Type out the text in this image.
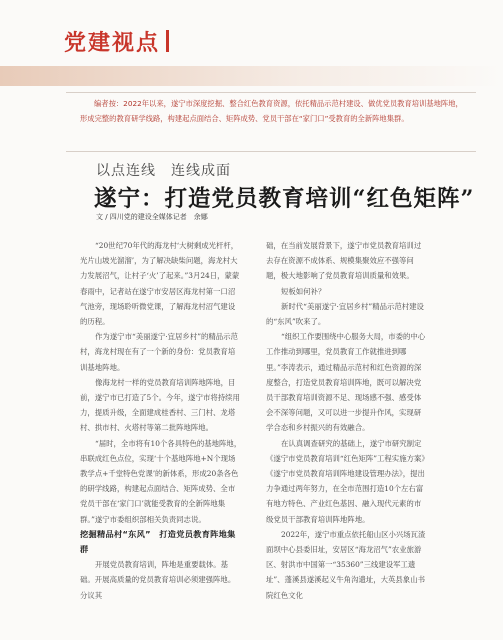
党建视点

编者按：2022年以来，遂宁市深度挖掘、整合红色教育资源，依托精品示范村建设、做优党员教育培训基地阵地，形成完整的教育研学线路，构建起点面结合、矩阵成势、党员干部在“家门口”受教育的全新阵地集群。

以点连线　连线成面
遂宁：打造党员教育培训“红色矩阵”
文 / 四川党的建设全媒体记者　余娜

“20世纪70年代的海龙村‘大树剩成光杆杆，光片山坡光溜溜’，为了解决缺柴问题，海龙村大力发展沼气，让村子‘火’了起来。”3月24日，蒙蒙春雨中，记者站在遂宁市安居区海龙村第一口沼气池旁，现场聆听微党课，了解海龙村沼气建设的历程。

作为遂宁市“美丽遂宁·宜居乡村”的精品示范村，海龙村现在有了一个新的身份：党员教育培训基地阵地。

像海龙村一样的党员教育培训阵地阵地，目前，遂宁市已打造了5个。今年，遂宁市将持续用力，提质升级，全面建成桂香村、三门村、龙塔村、拱市村、火塔村等第二批阵地阵地。

“届时，全市将有10个各具特色的基地阵地，串联成红色点位，实现‘十个基地阵地+N个现场教学点+千堂特色党课’的新体系，形成20条各色的研学线路，构建起点面结合、矩阵成势、全市党员干部在‘家门口’就能受教育的全新阵地集群。”遂宁市委组织部相关负责同志说。

挖掘精品村“东风”　打造党员教育阵地集群

开展党员教育培训，阵地是重要载体。基础。开展高质量的党员教育培训必须建强阵地。分议其

础，在当前发展背景下，遂宁市党员教育培训过去存在资源不成体系、规模集聚效应不强等问题，极大地影响了党员教育培训质量和效果。

短板如何补？

新时代“美丽遂宁·宜居乡村”精品示范村建设的“东风”吹来了。

“组织工作要围绕中心服务大局，市委的中心工作推动到哪里，党员教育工作就推进到哪里。”李涛表示，通过精品示范村和红色资源的深度整合，打造党员教育培训阵地，既可以解决党员干部教育培训资源不足、现场感不强、感受体会不深等问题，又可以进一步提升作风，实现研学合态和乡村振兴的有效融合。

在认真调查研究的基础上，遂宁市研究制定《遂宁市党员教育培训“红色矩阵”工程实施方案》《遂宁市党员教育培训阵地建设管理办法》，提出力争通过两年努力，在全市范围打造10个左右富有地方特色、产业红色基因、融入现代元素的市级党员干部教育培训阵地阵地。

2022年，遂宁市重点依托船山区小兴场瓦渣面坝中心县委旧址，安居区“海龙沼气”农业旅游区、射洪市中国第一“35360”三线建设军工遗址”、蓬溪县遂溪起义牛角沟遗址，大英县象山书院红色文化
